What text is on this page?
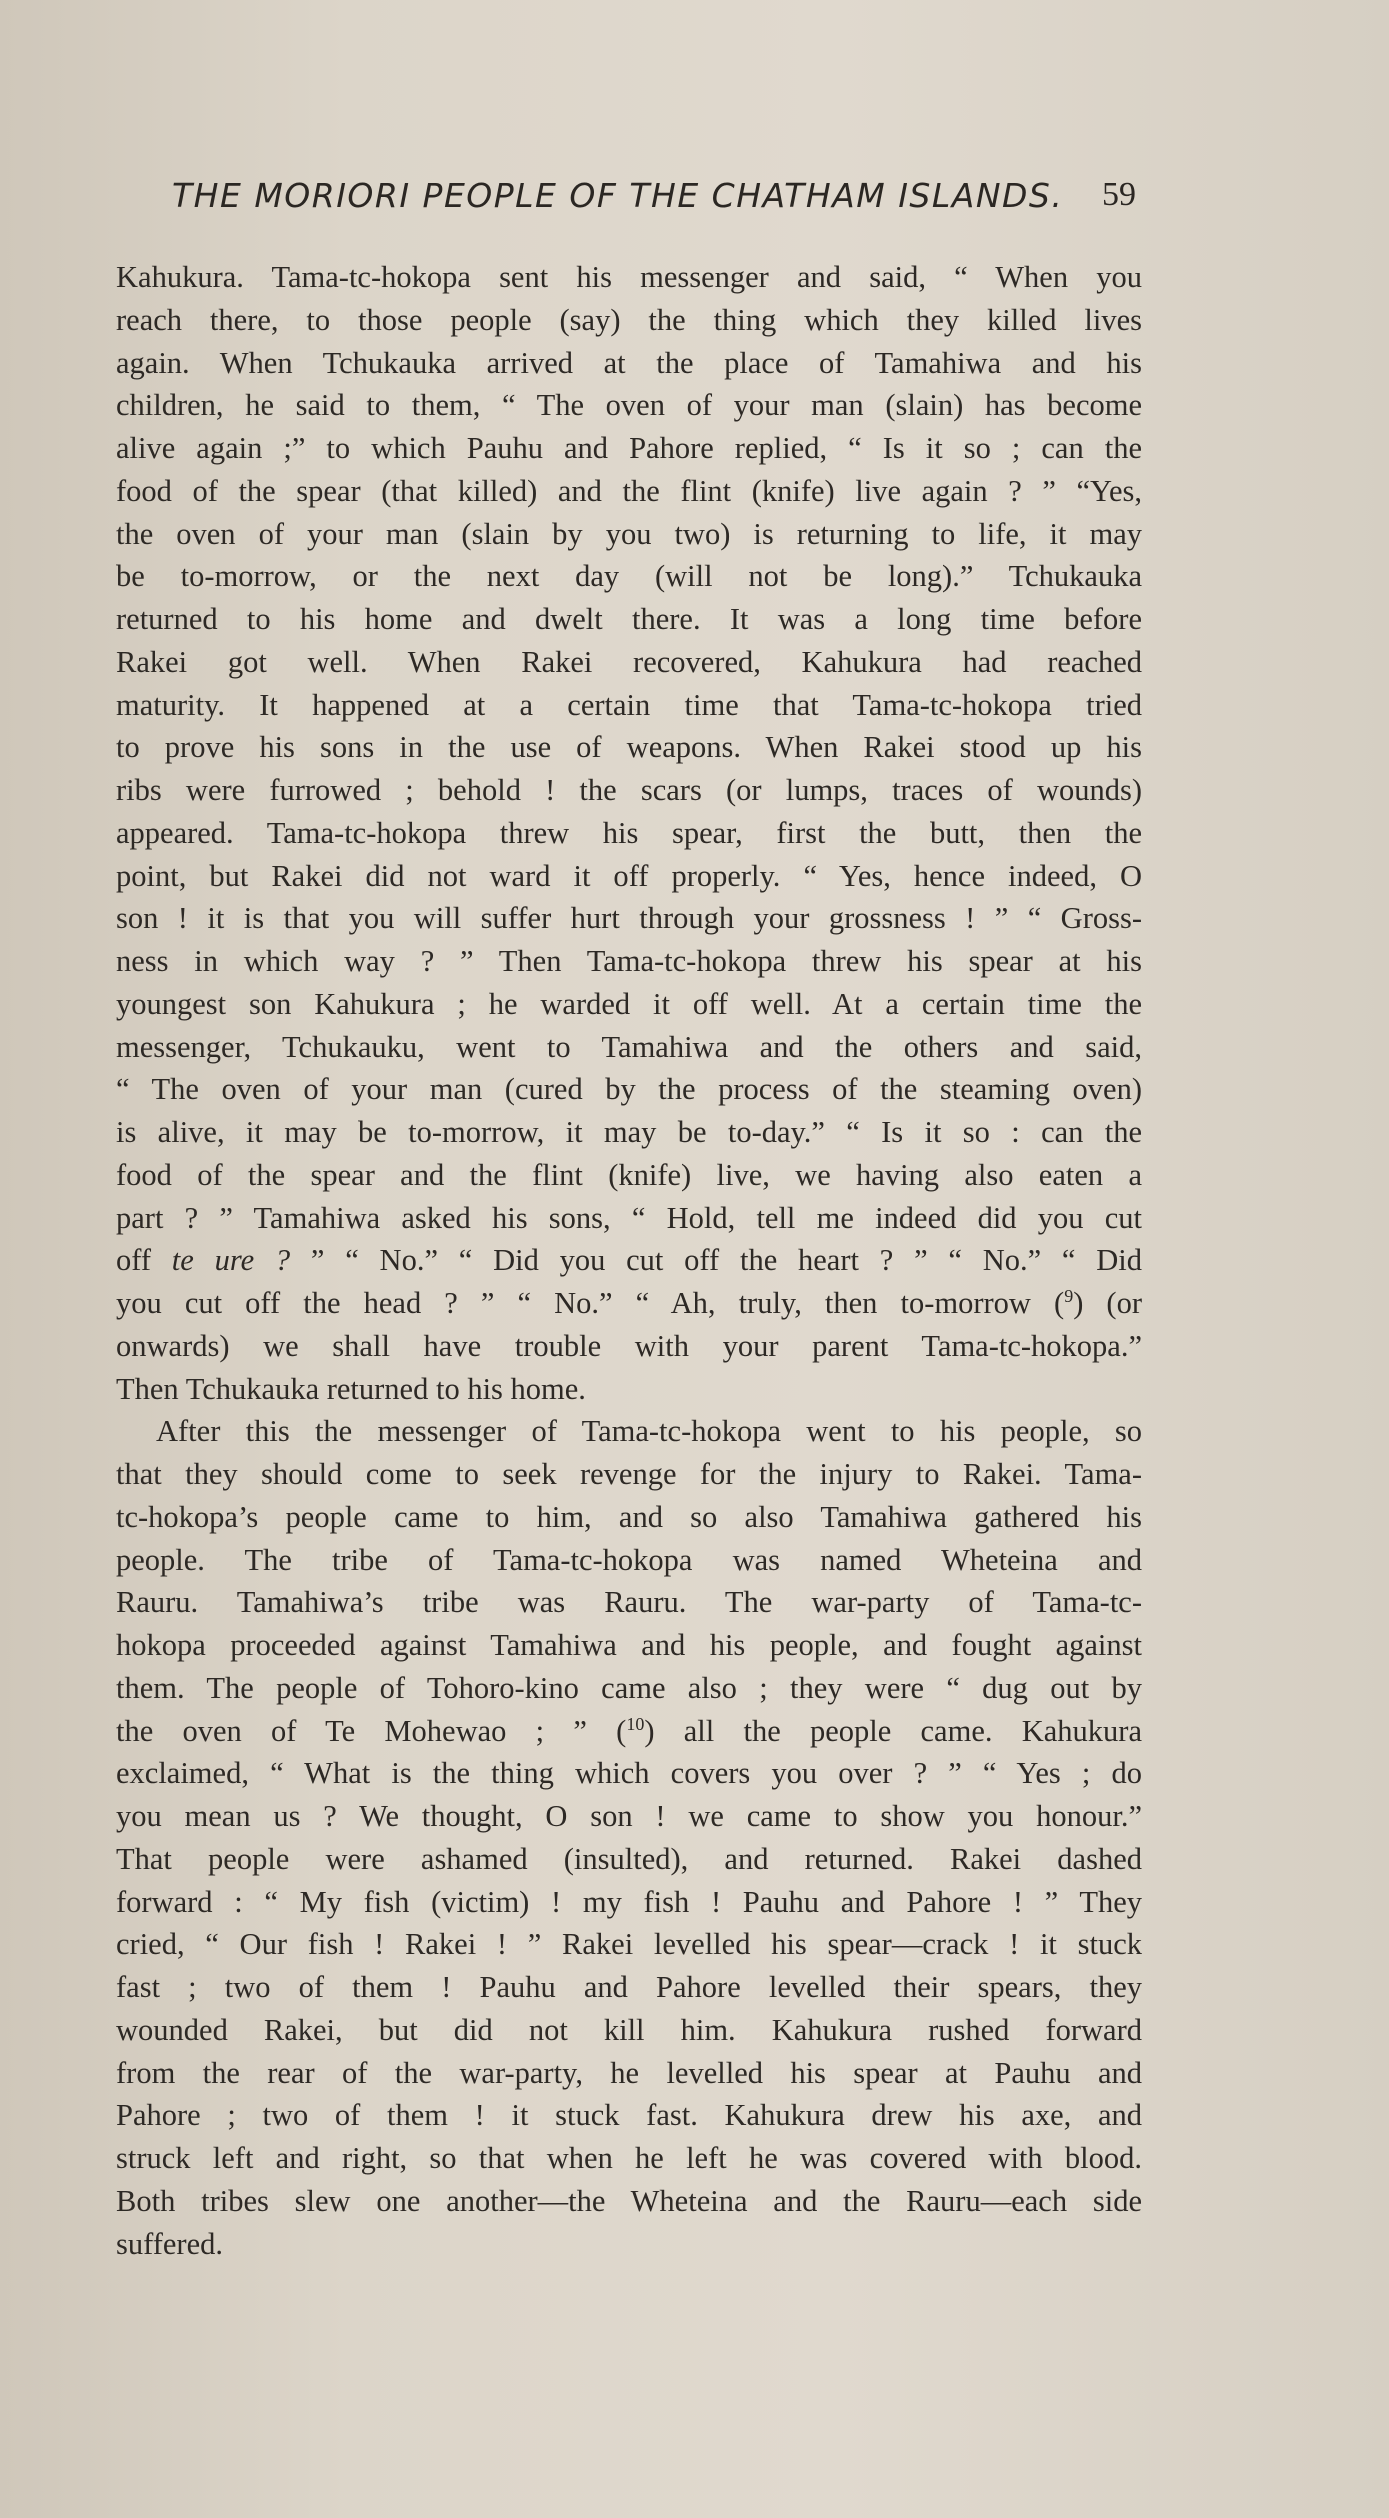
THE MORIORI PEOPLE OF THE CHATHAM ISLANDS. 59
Kahukura. Tama-tc-hokopa sent his messenger and said, “ When you
reach there, to those people (say) the thing which they killed lives
again. When Tchukauka arrived at the place of Tamahiwa and his
children, he said to them, “ The oven of your man (slain) has become
alive again ;” to which Pauhu and Pahore replied, “ Is it so ; can the
food of the spear (that killed) and the flint (knife) live again ? ” “Yes,
the oven of your man (slain by you two) is returning to life, it may
be to-morrow, or the next day (will not be long).” Tchukauka
returned to his home and dwelt there. It was a long time before
Rakei got well. When Rakei recovered, Kahukura had reached
maturity. It happened at a certain time that Tama-tc-hokopa tried
to prove his sons in the use of weapons. When Rakei stood up his
ribs were furrowed ; behold ! the scars (or lumps, traces of wounds)
appeared. Tama-tc-hokopa threw his spear, first the butt, then the
point, but Rakei did not ward it off properly. “ Yes, hence indeed, O
son ! it is that you will suffer hurt through your grossness ! ” “ Gross-
ness in which way ? ” Then Tama-tc-hokopa threw his spear at his
youngest son Kahukura ; he warded it off well. At a certain time the
messenger, Tchukauku, went to Tamahiwa and the others and said,
“ The oven of your man (cured by the process of the steaming oven)
is alive, it may be to-morrow, it may be to-day.” “ Is it so : can the
food of the spear and the flint (knife) live, we having also eaten a
part ? ” Tamahiwa asked his sons, “ Hold, tell me indeed did you cut
off te ure ? ” “ No.” “ Did you cut off the heart ? ” “ No.” “ Did
you cut off the head ? ” “ No.” “ Ah, truly, then to-morrow ($^9$) (or
onwards) we shall have trouble with your parent Tama-tc-hokopa.”
Then Tchukauka returned to his home.
After this the messenger of Tama-tc-hokopa went to his people, so
that they should come to seek revenge for the injury to Rakei. Tama-
tc-hokopa’s people came to him, and so also Tamahiwa gathered his
people. The tribe of Tama-tc-hokopa was named Wheteina and
Rauru. Tamahiwa’s tribe was Rauru. The war-party of Tama-tc-
hokopa proceeded against Tamahiwa and his people, and fought against
them. The people of Tohoro-kino came also ; they were “ dug out by
the oven of Te Mohewao ; ” ($^{10}$) all the people came. Kahukura
exclaimed, “ What is the thing which covers you over ? ” “ Yes ; do
you mean us ? We thought, O son ! we came to show you honour.”
That people were ashamed (insulted), and returned. Rakei dashed
forward : “ My fish (victim) ! my fish ! Pauhu and Pahore ! ” They
cried, “ Our fish ! Rakei ! ” Rakei levelled his spear—crack ! it stuck
fast ; two of them ! Pauhu and Pahore levelled their spears, they
wounded Rakei, but did not kill him. Kahukura rushed forward
from the rear of the war-party, he levelled his spear at Pauhu and
Pahore ; two of them ! it stuck fast. Kahukura drew his axe, and
struck left and right, so that when he left he was covered with blood.
Both tribes slew one another—the Wheteina and the Rauru—each side
suffered.
